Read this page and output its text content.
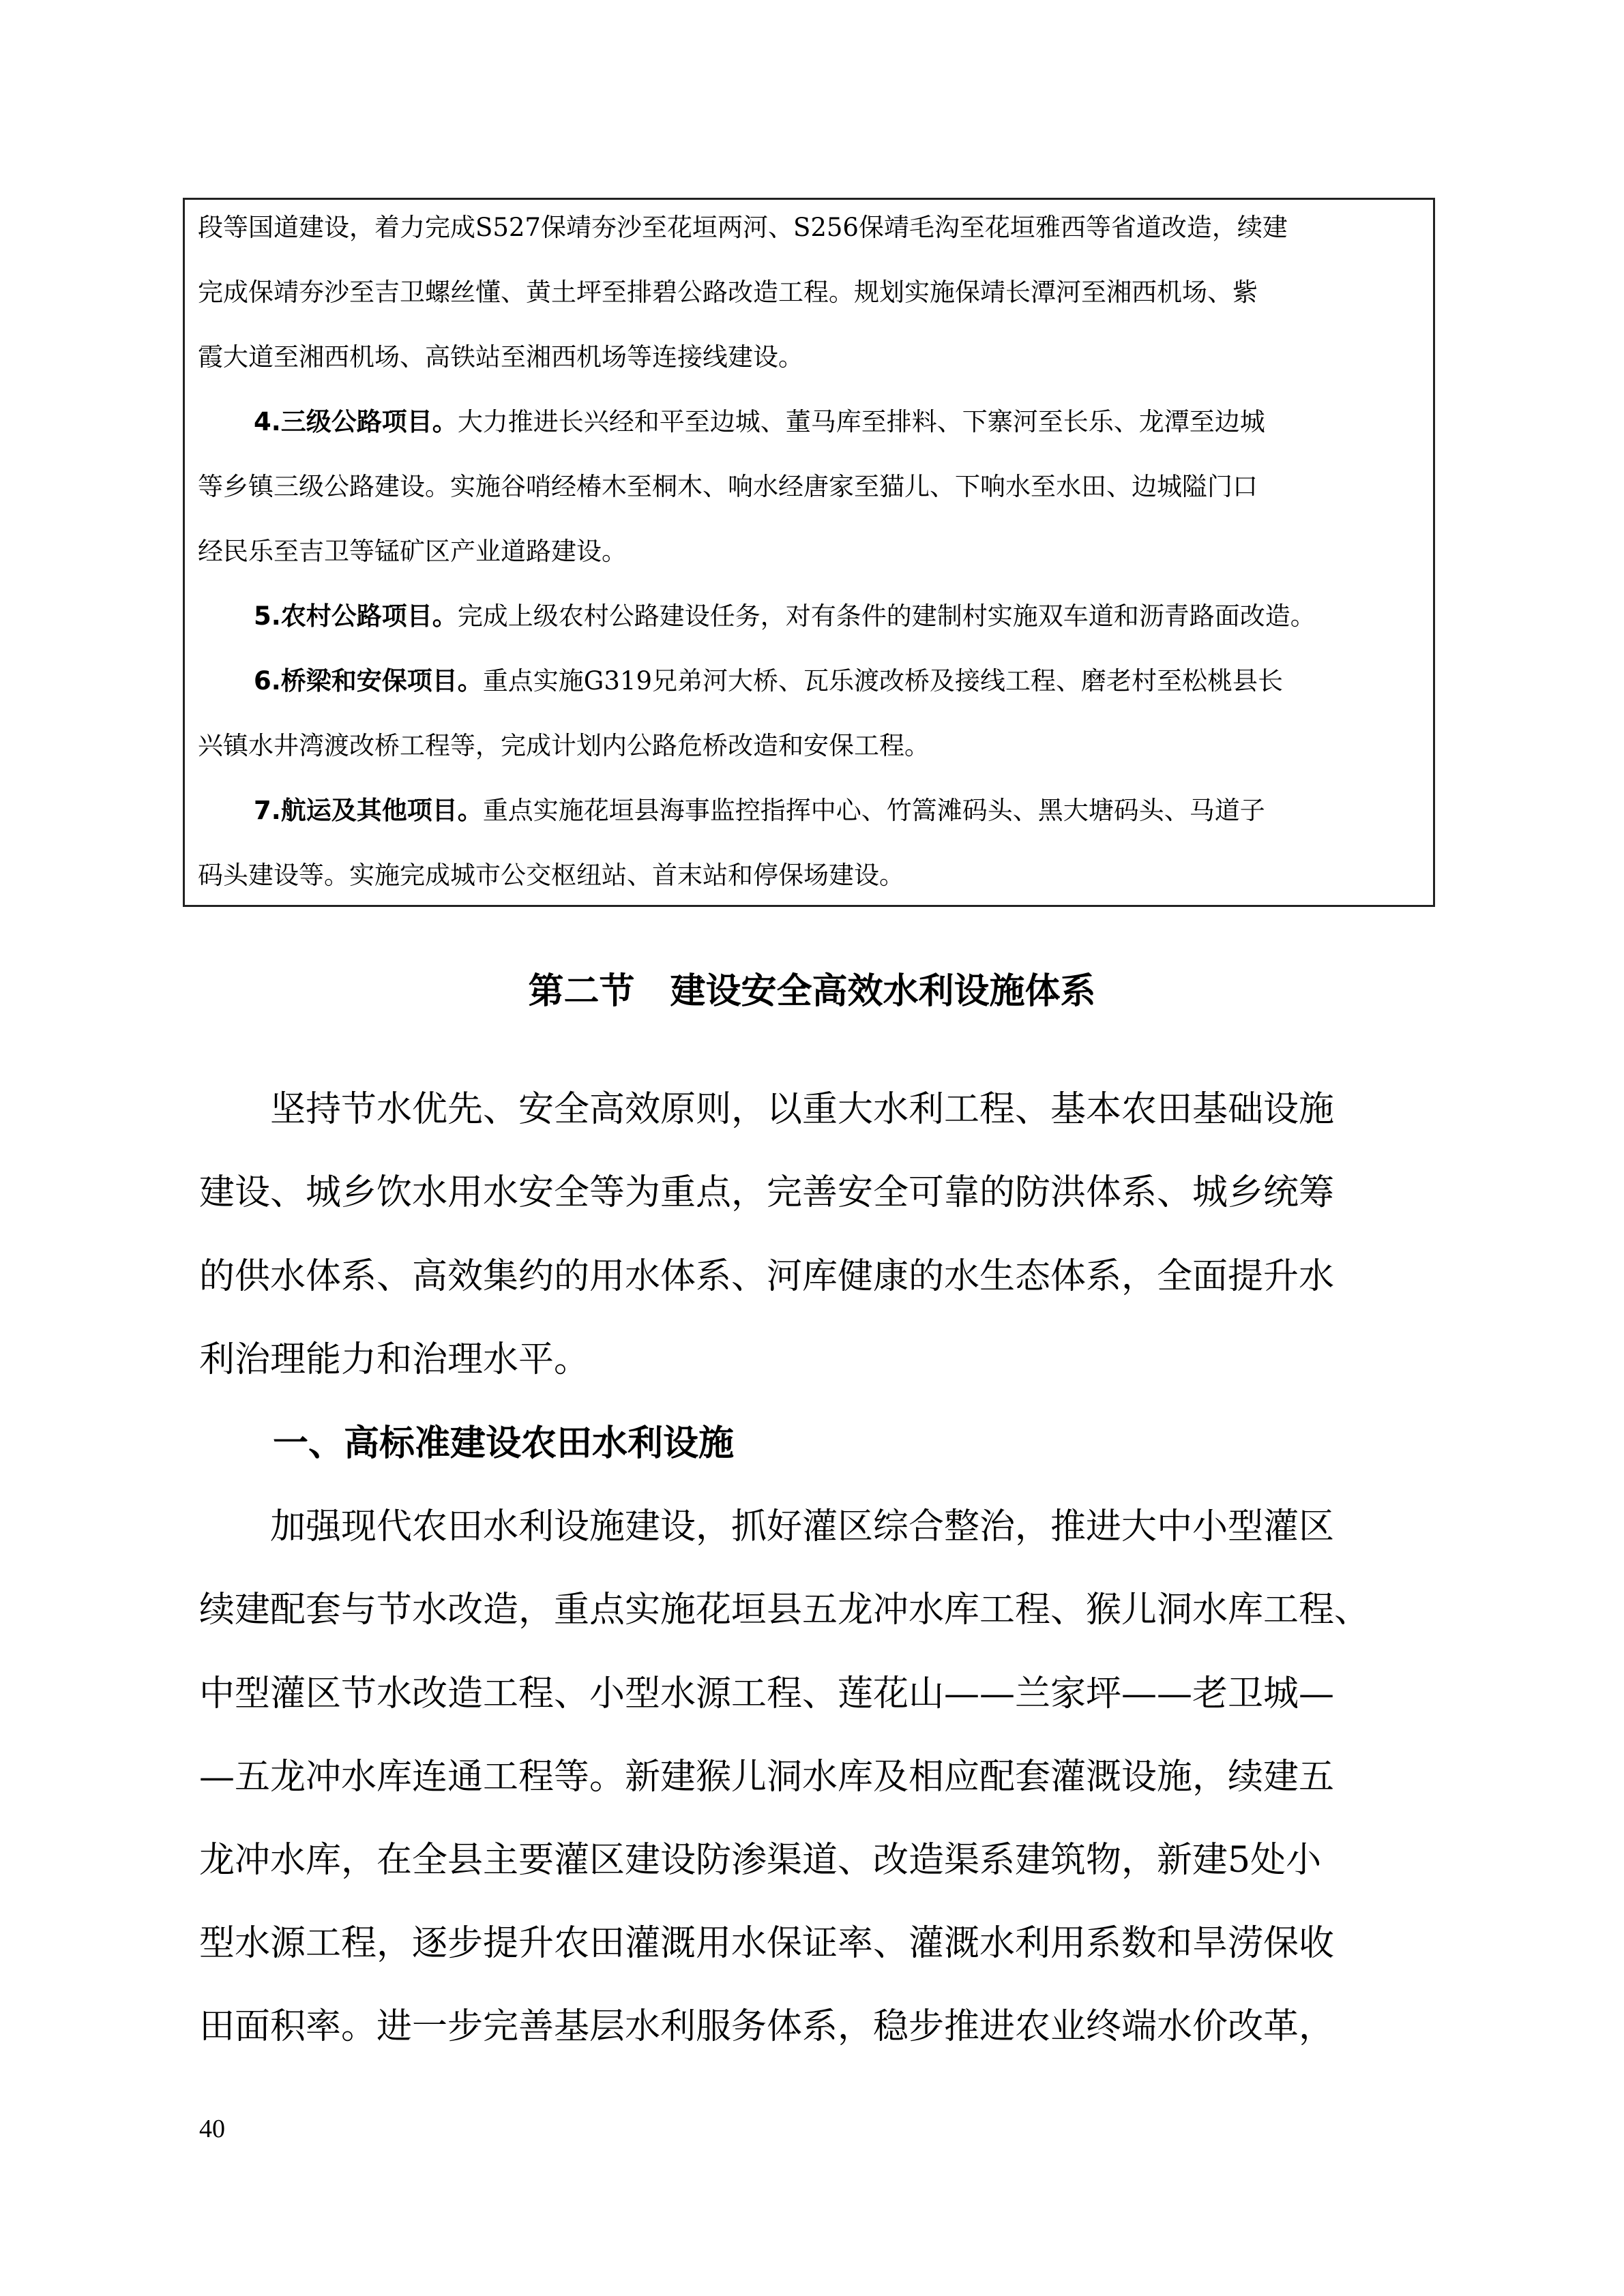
段等国道建设，着力完成S527保靖夯沙至花垣两河、S256保靖毛沟至花垣雅西等省道改造，续建
完成保靖夯沙至吉卫螺丝懂、黄土坪至排碧公路改造工程。规划实施保靖长潭河至湘西机场、紫
霞大道至湘西机场、高铁站至湘西机场等连接线建设。
4.三级公路项目。大力推进长兴经和平至边城、董马库至排料、下寨河至长乐、龙潭至边城
等乡镇三级公路建设。实施谷哨经椿木至桐木、响水经唐家至猫儿、下响水至水田、边城隘门口
经民乐至吉卫等锰矿区产业道路建设。
5.农村公路项目。完成上级农村公路建设任务，对有条件的建制村实施双车道和沥青路面改造。
6.桥梁和安保项目。重点实施G319兄弟河大桥、瓦乐渡改桥及接线工程、磨老村至松桃县长
兴镇水井湾渡改桥工程等，完成计划内公路危桥改造和安保工程。
7.航运及其他项目。重点实施花垣县海事监控指挥中心、竹篙滩码头、黑大塘码头、马道子
码头建设等。实施完成城市公交枢纽站、首末站和停保场建设。
第二节　建设安全高效水利设施体系
　　坚持节水优先、安全高效原则，以重大水利工程、基本农田基础设施
建设、城乡饮水用水安全等为重点，完善安全可靠的防洪体系、城乡统筹
的供水体系、高效集约的用水体系、河库健康的水生态体系，全面提升水
利治理能力和治理水平。
一、高标准建设农田水利设施
　　加强现代农田水利设施建设，抓好灌区综合整治，推进大中小型灌区
续建配套与节水改造，重点实施花垣县五龙冲水库工程、猴儿洞水库工程、
中型灌区节水改造工程、小型水源工程、莲花山——兰家坪——老卫城—
—五龙冲水库连通工程等。新建猴儿洞水库及相应配套灌溉设施，续建五
龙冲水库，在全县主要灌区建设防渗渠道、改造渠系建筑物，新建5处小
型水源工程，逐步提升农田灌溉用水保证率、灌溉水利用系数和旱涝保收
田面积率。进一步完善基层水利服务体系，稳步推进农业终端水价改革，
40
